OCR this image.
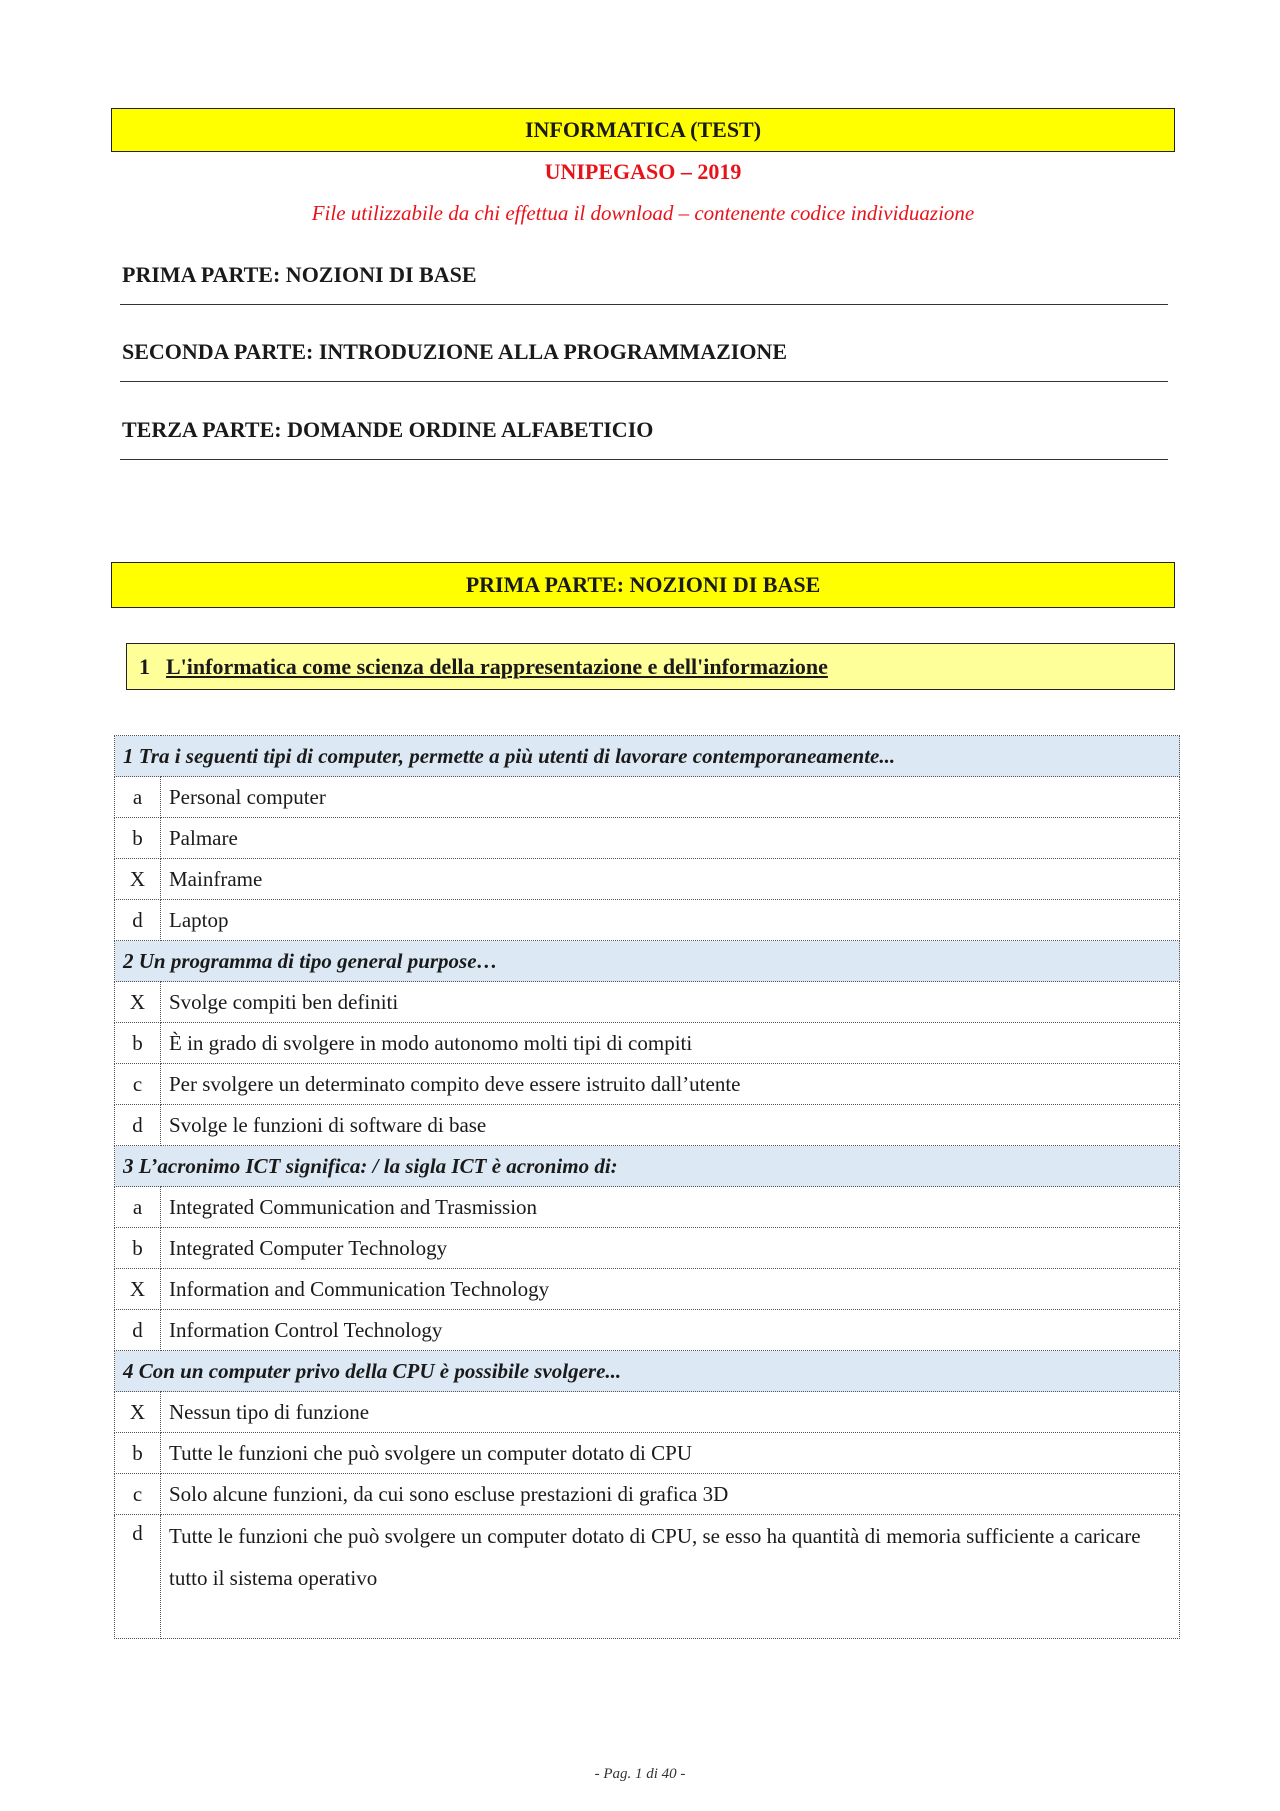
INFORMATICA (TEST)
UNIPEGASO – 2019
File utilizzabile da chi effettua il download – contenente codice individuazione
PRIMA PARTE: NOZIONI DI BASE
SECONDA PARTE: INTRODUZIONE ALLA PROGRAMMAZIONE
TERZA PARTE: DOMANDE ORDINE ALFABETICIO
PRIMA PARTE: NOZIONI DI BASE
1 L'informatica come scienza della rappresentazione e dell'informazione
1 Tra i seguenti tipi di computer, permette a più utenti di lavorare contemporaneamente...	
a	Personal computer
b	Palmare
X	Mainframe
d	Laptop
2 Un programma di tipo general purpose…	
X	Svolge compiti ben definiti
b	È in grado di svolgere in modo autonomo molti tipi di compiti
c	Per svolgere un determinato compito deve essere istruito dall’utente
d	Svolge le funzioni di software di base
3 L’acronimo ICT significa: / la sigla ICT è acronimo di:	
a	Integrated Communication and Trasmission
b	Integrated Computer Technology
X	Information and Communication Technology
d	Information Control Technology
4 Con un computer privo della CPU è possibile svolgere...	
X	Nessun tipo di funzione
b	Tutte le funzioni che può svolgere un computer dotato di CPU
c	Solo alcune funzioni, da cui sono escluse prestazioni di grafica 3D
d	Tutte le funzioni che può svolgere un computer dotato di CPU, se esso ha quantità di memoria sufficiente a caricare tutto il sistema operativo
- Pag. 1 di 40 -
